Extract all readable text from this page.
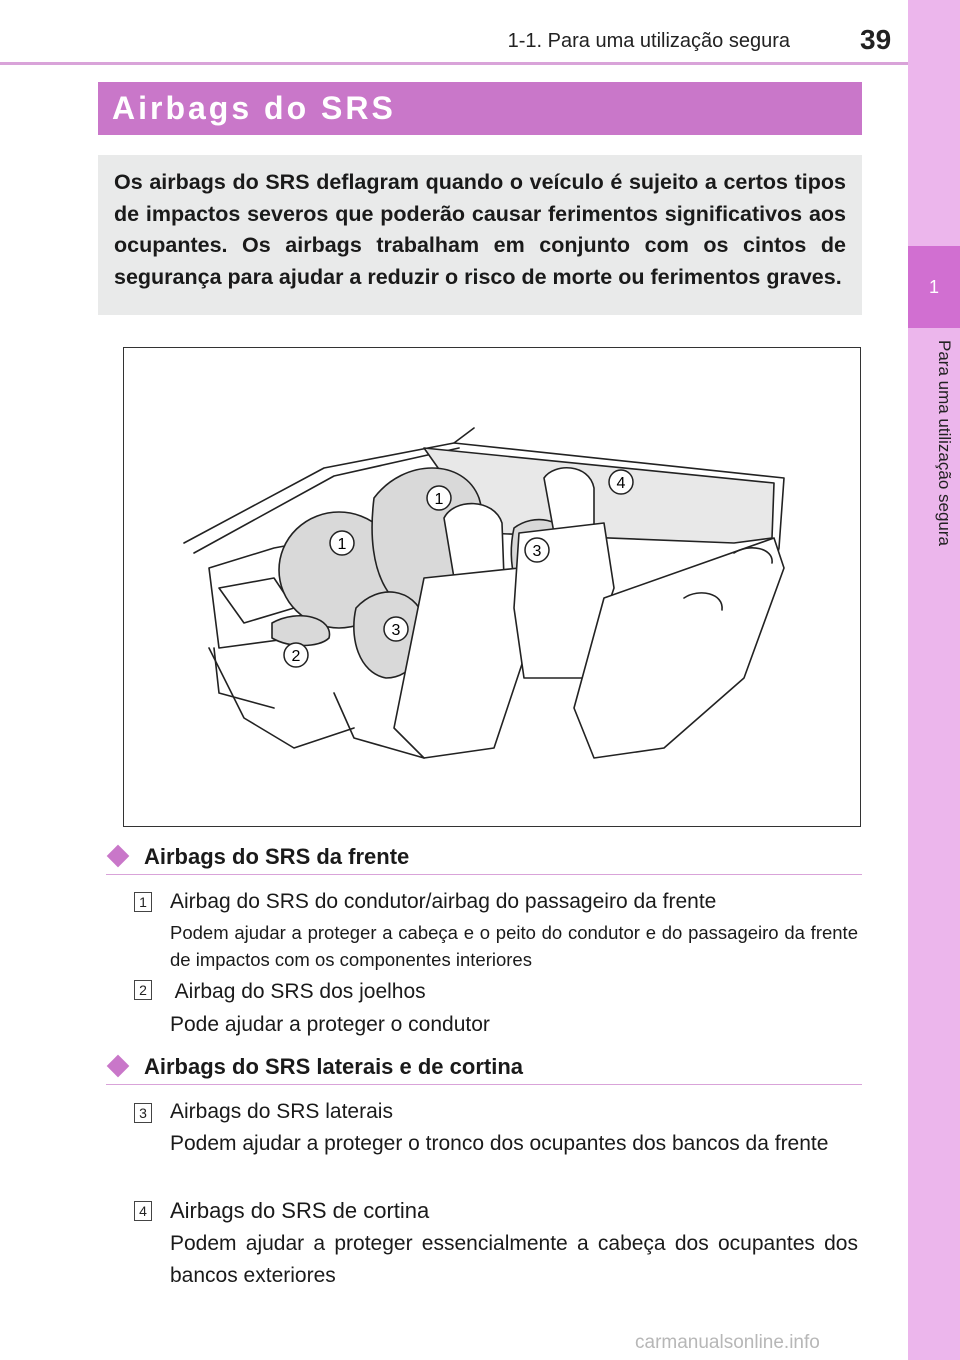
1-1. Para uma utilização segura	39
1
Para uma utilização segura
Airbags do SRS

Os airbags do SRS deflagram quando o veículo é sujeito a certos tipos de impactos severos que poderão causar ferimentos significativos aos ocupantes. Os airbags trabalham em conjunto com os cintos de segurança para ajudar a reduzir o risco de morte ou ferimentos graves.

1
1
2
3
3
4
Airbags do SRS da frente
1 Airbag do SRS do condutor/airbag do passageiro da frente
Podem ajudar a proteger a cabeça e o peito do condutor e do passageiro da frente de impactos com os componentes interiores
2 Airbag do SRS dos joelhos
Pode ajudar a proteger o condutor
Airbags do SRS laterais e de cortina
3 Airbags do SRS laterais
Podem ajudar a proteger o tronco dos ocupantes dos bancos da frente
4 Airbags do SRS de cortina
Podem ajudar a proteger essencialmente a cabeça dos ocupantes dos bancos exteriores
carmanualsonline.info
